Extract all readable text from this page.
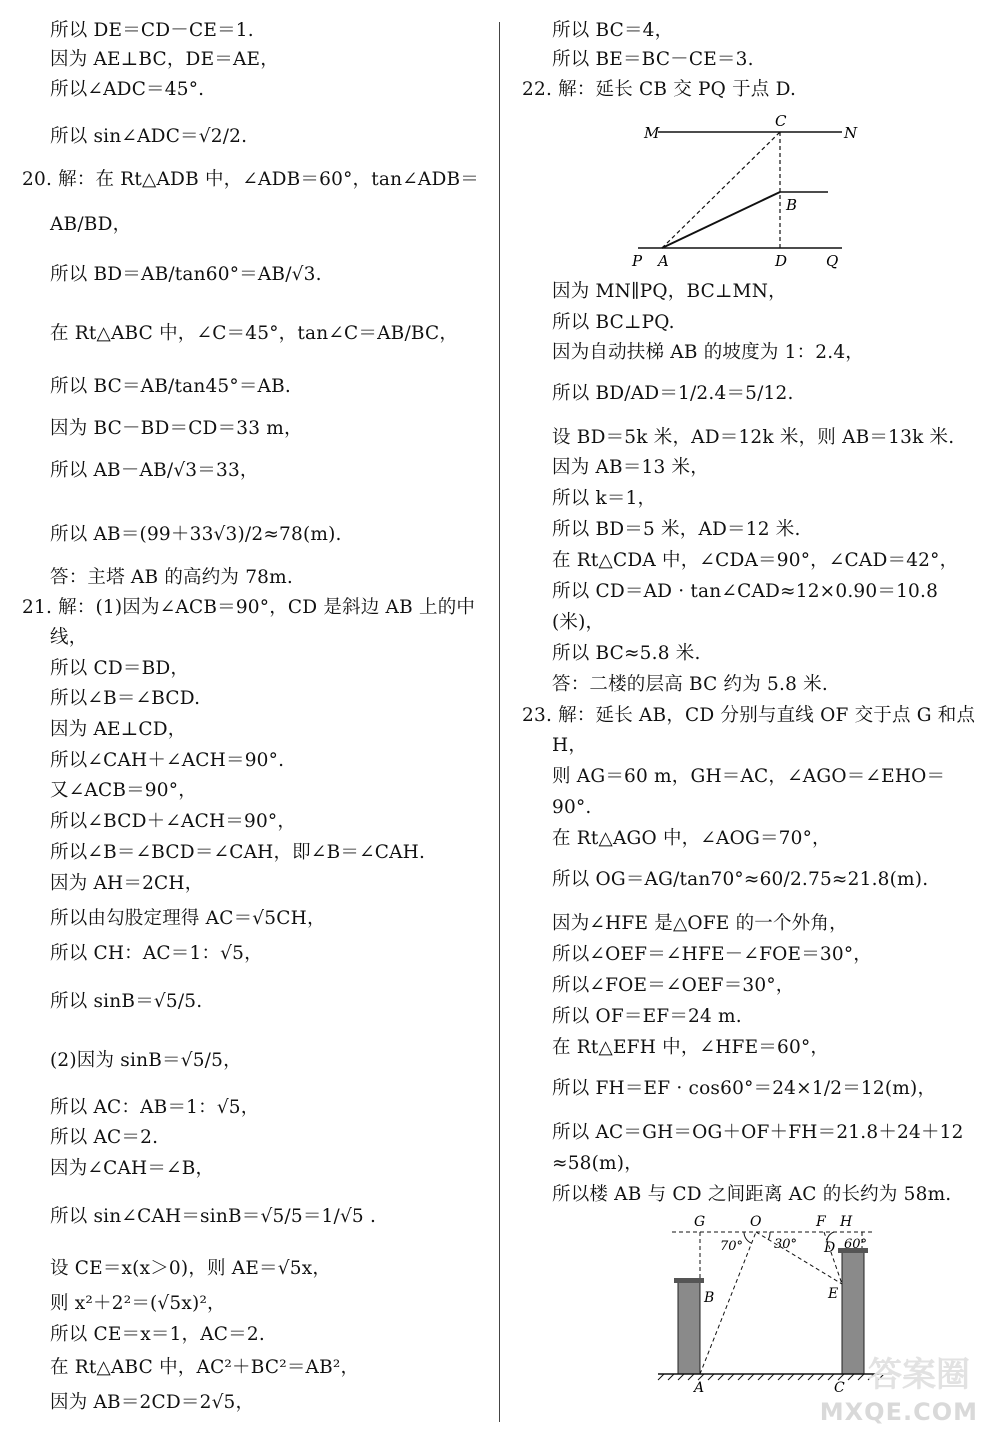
所以 DE＝CD－CE＝1.
因为 AE⊥BC，DE＝AE，
所以∠ADC＝45°.
所以 sin∠ADC＝√2/2.
20. 解：在 Rt△ADB 中，∠ADB＝60°，tan∠ADB＝
AB/BD，
所以 BD＝AB/tan60°＝AB/√3.
在 Rt△ABC 中，∠C＝45°，tan∠C＝AB/BC，
所以 BC＝AB/tan45°＝AB.
因为 BC－BD＝CD＝33 m，
所以 AB－AB/√3＝33，
所以 AB＝(99＋33√3)/2≈78(m).
答：主塔 AB 的高约为 78m.
21. 解：(1)因为∠ACB＝90°，CD 是斜边 AB 上的中
线，
所以 CD＝BD，
所以∠B＝∠BCD.
因为 AE⊥CD，
所以∠CAH＋∠ACH＝90°.
又∠ACB＝90°，
所以∠BCD＋∠ACH＝90°，
所以∠B＝∠BCD＝∠CAH，即∠B＝∠CAH.
因为 AH＝2CH，
所以由勾股定理得 AC＝√5CH，
所以 CH：AC＝1：√5，
所以 sinB＝√5/5.
(2)因为 sinB＝√5/5，
所以 AC：AB＝1：√5，
所以 AC＝2.
因为∠CAH＝∠B，
所以 sin∠CAH＝sinB＝√5/5＝1/√5 .
设 CE＝x(x＞0)，则 AE＝√5x，
则 x²＋2²＝(√5x)²，
所以 CE＝x＝1，AC＝2.
在 Rt△ABC 中，AC²＋BC²＝AB²，
因为 AB＝2CD＝2√5，
所以 BC＝4，
所以 BE＝BC－CE＝3.
22. 解：延长 CB 交 PQ 于点 D.
M
C
N
B
P A	D	Q
因为 MN∥PQ，BC⊥MN，
所以 BC⊥PQ.
因为自动扶梯 AB 的坡度为 1：2.4，
所以 BD/AD＝1/2.4＝5/12.
设 BD＝5k 米，AD＝12k 米，则 AB＝13k 米.
因为 AB＝13 米，
所以 k＝1，
所以 BD＝5 米，AD＝12 米.
在 Rt△CDA 中，∠CDA＝90°，∠CAD＝42°，
所以 CD＝AD · tan∠CAD≈12×0.90＝10.8
(米)，
所以 BC≈5.8 米.
答：二楼的层高 BC 约为 5.8 米.
23. 解：延长 AB，CD 分别与直线 OF 交于点 G 和点
H，
则 AG＝60 m，GH＝AC，∠AGO＝∠EHO＝
90°.
在 Rt△AGO 中，∠AOG＝70°，
所以 OG＝AG/tan70°≈60/2.75≈21.8(m).
因为∠HFE 是△OFE 的一个外角，
所以∠OEF＝∠HFE－∠FOE＝30°，
所以∠FOE＝∠OEF＝30°，
所以 OF＝EF＝24 m.
在 Rt△EFH 中，∠HFE＝60°，
所以 FH＝EF · cos60°＝24×1/2＝12(m)，
所以 AC＝GH＝OG＋OF＋FH＝21.8＋24＋12
≈58(m)，
所以楼 AB 与 CD 之间距离 AC 的长约为 58m.
G	O	F H
70° 30° D 60°
B	E
A	C 答案圈
MXQE.COM
